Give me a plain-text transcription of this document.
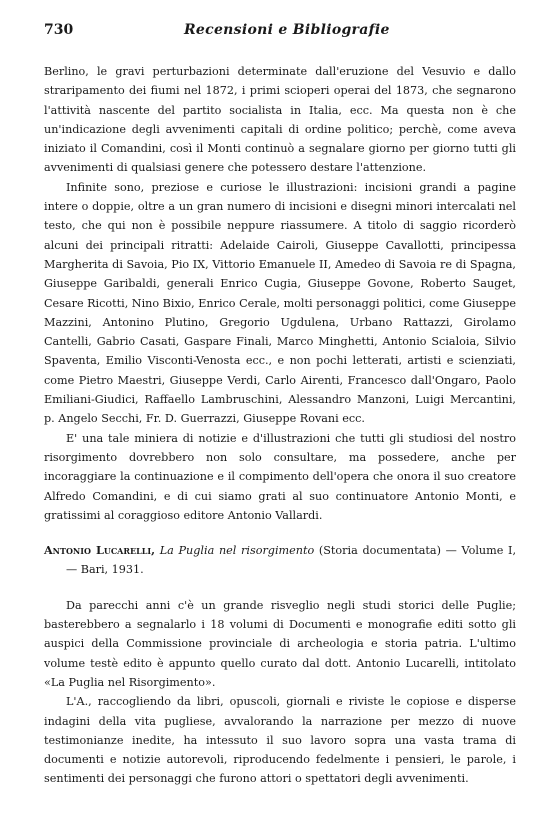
730	Recensioni e Bibliografie

Berlino, le gravi perturbazioni determinate dall'eruzione del Vesuvio e dallo straripamento dei fiumi nel 1872, i primi scioperi operai del 1873, che segnarono l'attività nascente del partito socialista in Italia, ecc. Ma questa non è che un'indicazione degli avvenimenti capitali di ordine politico; perchè, come aveva iniziato il Comandini, così il Monti continuò a segnalare giorno per giorno tutti gli avvenimenti di qualsiasi genere che potessero destare l'attenzione.

Infinite sono, preziose e curiose le illustrazioni: incisioni grandi a pagine intere o doppie, oltre a un gran numero di incisioni e disegni minori intercalati nel testo, che qui non è possibile neppure riassumere. A titolo di saggio ricorderò alcuni dei principali ritratti: Adelaide Cairoli, Giuseppe Cavallotti, principessa Margherita di Savoia, Pio IX, Vittorio Emanuele II, Amedeo di Savoia re di Spagna, Giuseppe Garibaldi, generali Enrico Cugia, Giuseppe Govone, Roberto Sauget, Cesare Ricotti, Nino Bixio, Enrico Cerale, molti personaggi politici, come Giuseppe Mazzini, Antonino Plutino, Gregorio Ugdulena, Urbano Rattazzi, Girolamo Cantelli, Gabrio Casati, Gaspare Finali, Marco Minghetti, Antonio Scialoia, Silvio Spaventa, Emilio Visconti-Venosta ecc., e non pochi letterati, artisti e scienziati, come Pietro Maestri, Giuseppe Verdi, Carlo Airenti, Francesco dall'Ongaro, Paolo Emiliani-Giudici, Raffaello Lambruschini, Alessandro Manzoni, Luigi Mercantini, p. Angelo Secchi, Fr. D. Guerrazzi, Giuseppe Rovani ecc.

E' una tale miniera di notizie e d'illustrazioni che tutti gli studiosi del nostro risorgimento dovrebbero non solo consultare, ma possedere, anche per incoraggiare la continuazione e il compimento dell'opera che onora il suo creatore Alfredo Comandini, e di cui siamo grati al suo continuatore Antonio Monti, e gratissimi al coraggioso editore Antonio Vallardi.

Antonio Lucarelli, La Puglia nel risorgimento (Storia documentata) — Volume I, — Bari, 1931.

Da parecchi anni c'è un grande risveglio negli studi storici delle Puglie; basterebbero a segnalarlo i 18 volumi di Documenti e monografie editi sotto gli auspici della Commissione provinciale di archeologia e storia patria. L'ultimo volume testè edito è appunto quello curato dal dott. Antonio Lucarelli, intitolato «La Puglia nel Risorgimento».

L'A., raccogliendo da libri, opuscoli, giornali e riviste le copiose e disperse indagini della vita pugliese, avvalorando la narrazione per mezzo di nuove testimonianze inedite, ha intessuto il suo lavoro sopra una vasta trama di documenti e notizie autorevoli, riproducendo fedelmente i pensieri, le parole, i sentimenti dei personaggi che furono attori o spettatori degli avvenimenti.
